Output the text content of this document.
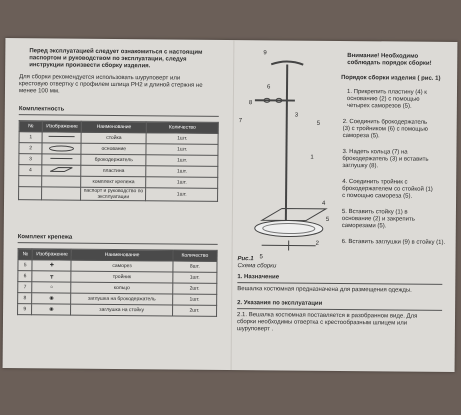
Перед эксплуатацией следует ознакомиться с настоящим паспортом и руководством по эксплуатации, следуя инструкции произвести сборку изделия.
Для сборки рекомендуется использовать шуруповерт или
крестовую отвертку с профилем шлица PH2 и длиной стержня не
менее 100 мм.
Комплектность
№	Изображение	Наименование	Количество
1		стойка	1шт.
2		основание	1шт.
3		брокодержатель	1шт.
4		пластина	1шт.
		комплект крепежа	1шт.
		паспорт и руководство по эксплуатации	1шт.
Комплект крепежа
№	Изображение	Наименование	Количество
5	✚	саморез	8шт.
6	┳	тройник	1шт.
7	○	кольцо	2шт.
8	◉	заглушка на брокодержатель	1шт.
9	◉	заглушка на стойку	2шт.
9
8
7
6
3
5
1
4
5
2
5
Рис.1
Схема сборки
Внимание! Необходимо
соблюдать порядок сборки!
Порядок сборки изделия ( рис. 1)
1. Прикрепить пластину (4) к
основанию (2) с помощью
четырех саморезов (5).
2. Соединить брокодержатель
(3) с тройником (6) с помощью
самореза (5).
3. Надеть кольца (7) на
брокодержатель (3) и вставить
заглушку (8).
4. Соединить тройник с
брокодержателем со стойкой (1)
с помощью самореза (5).
5. Вставить стойку (1) в
основание (2) и закрепить
саморезами (5).
6. Вставить заглушки (9) в стойку (1).
1. Назначение
Вешалка костюмная предназначена для размещения одежды.
2. Указания по эксплуатации
2.1. Вешалка костюмная поставляется в разобранном виде. Для
сборки необходимы отвертка с крестообразным шлицем или
шуруповерт .
